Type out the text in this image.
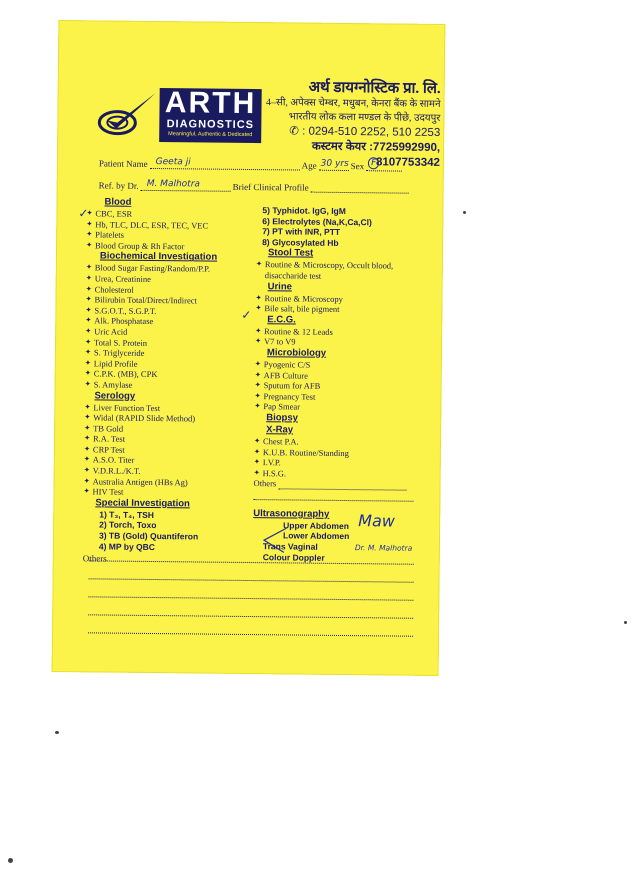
ARTH
DIAGNOSTICS
Meaningful, Authentic & Dedicated
अर्थ डायग्नोस्टिक प्रा. लि.
4–सी, अपेक्स चेम्बर, मधुबन, केनरा बैंक के सामने
भारतीय लोक कला मण्डल के पीछे, उदयपुर
✆ : 0294-510 2252, 510 2253
कस्टमर केयर :7725992990, 8107753342
Patient Name Geeta ji	Age 30 yrs Sex F
Ref. by Dr. M. Malhotra	Brief Clinical Profile
Blood
✦ CBC, ESR
✦ Hb, TLC, DLC, ESR, TEC, VEC
✦ Platelets
✦ Blood Group & Rh Factor
Biochemical Investigation
✦ Blood Sugar Fasting/Random/P.P.
✦ Urea, Creatinine
✦ Cholesterol
✦ Bilirubin Total/Direct/Indirect
✦ S.G.O.T., S.G.P.T.
✦ Alk. Phosphatase
✦ Uric Acid
✦ Total S. Protein
✦ S. Triglyceride
✦ Lipid Profile
✦ C.P.K. (MB), CPK
✦ S. Amylase
Serology
✦ Liver Function Test
✦ Widal (RAPID Slide Method)
✦ TB Gold
✦ R.A. Test
✦ CRP Test
✦ A.S.O. Titer
✦ V.D.R.L./K.T.
✦ Australia Antigen (HBs Ag)
✦ HIV Test
Special Investigation
1) T₃, T₄, TSH
2) Torch, Toxo
3) TB (Gold) Quantiferon
4) MP by QBC
Others
5) Typhidot. IgG, IgM
6) Electrolytes (Na,K,Ca,Cl)
7) PT with INR, PTT
8) Glycosylated Hb
Stool Test
✦ Routine & Microscopy, Occult blood, disaccharide test
Urine
✦ Routine & Microscopy
✦ Bile salt, bile pigment
E.C.G.
✦ Routine & 12 Leads
✦ V7 to V9
Microbiology
✦ Pyogenic C/S
✦ AFB Culture
✦ Sputum for AFB
✦ Pregnancy Test
✦ Pap Smear
Biopsy
X-Ray
✦ Chest P.A.
✦ K.U.B. Routine/Standing
✦ I.V.P.
✦ H.S.G.
Others
Ultrasonography
Upper Abdomen
Lower Abdomen
Trans Vaginal
Colour Doppler
✓
✓
Maw
Dr. M. Malhotra
